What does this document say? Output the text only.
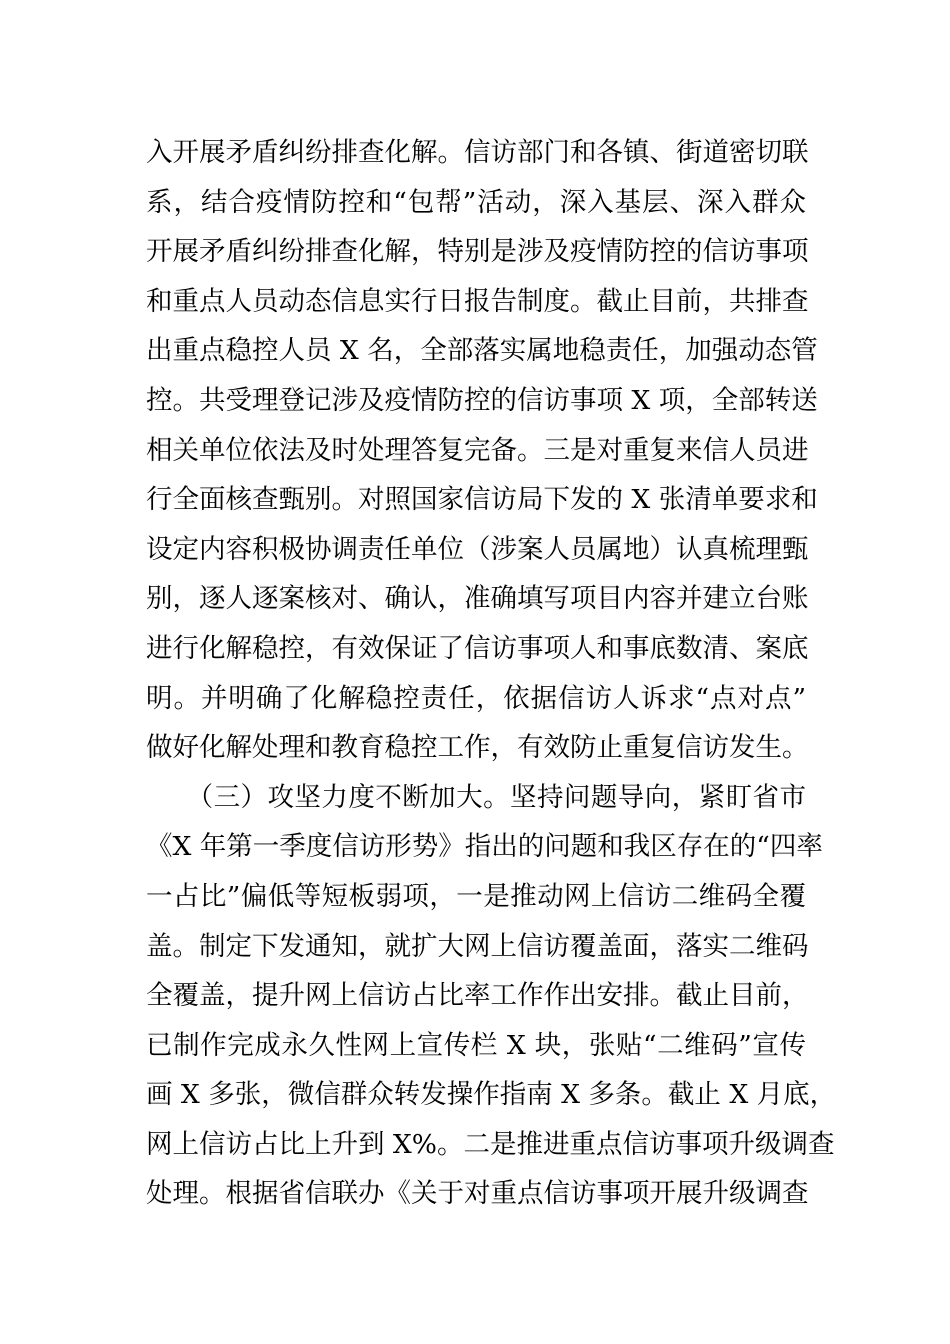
入开展矛盾纠纷排查化解。信访部门和各镇、街道密切联
系，结合疫情防控和“包帮”活动，深入基层、深入群众
开展矛盾纠纷排查化解，特别是涉及疫情防控的信访事项
和重点人员动态信息实行日报告制度。截止目前，共排查
出重点稳控人员 X 名，全部落实属地稳责任，加强动态管
控。共受理登记涉及疫情防控的信访事项 X 项，全部转送
相关单位依法及时处理答复完备。三是对重复来信人员进
行全面核查甄别。对照国家信访局下发的 X 张清单要求和
设定内容积极协调责任单位（涉案人员属地）认真梳理甄
别，逐人逐案核对、确认，准确填写项目内容并建立台账
进行化解稳控，有效保证了信访事项人和事底数清、案底
明。并明确了化解稳控责任，依据信访人诉求“点对点”
做好化解处理和教育稳控工作，有效防止重复信访发生。
　　（三）攻坚力度不断加大。坚持问题导向，紧盯省市
《X 年第一季度信访形势》指出的问题和我区存在的“四率
一占比”偏低等短板弱项，一是推动网上信访二维码全覆
盖。制定下发通知，就扩大网上信访覆盖面，落实二维码
全覆盖，提升网上信访占比率工作作出安排。截止目前，
已制作完成永久性网上宣传栏 X 块，张贴“二维码”宣传
画 X 多张，微信群众转发操作指南 X 多条。截止 X 月底，
网上信访占比上升到 X%。二是推进重点信访事项升级调查
处理。根据省信联办《关于对重点信访事项开展升级调查
